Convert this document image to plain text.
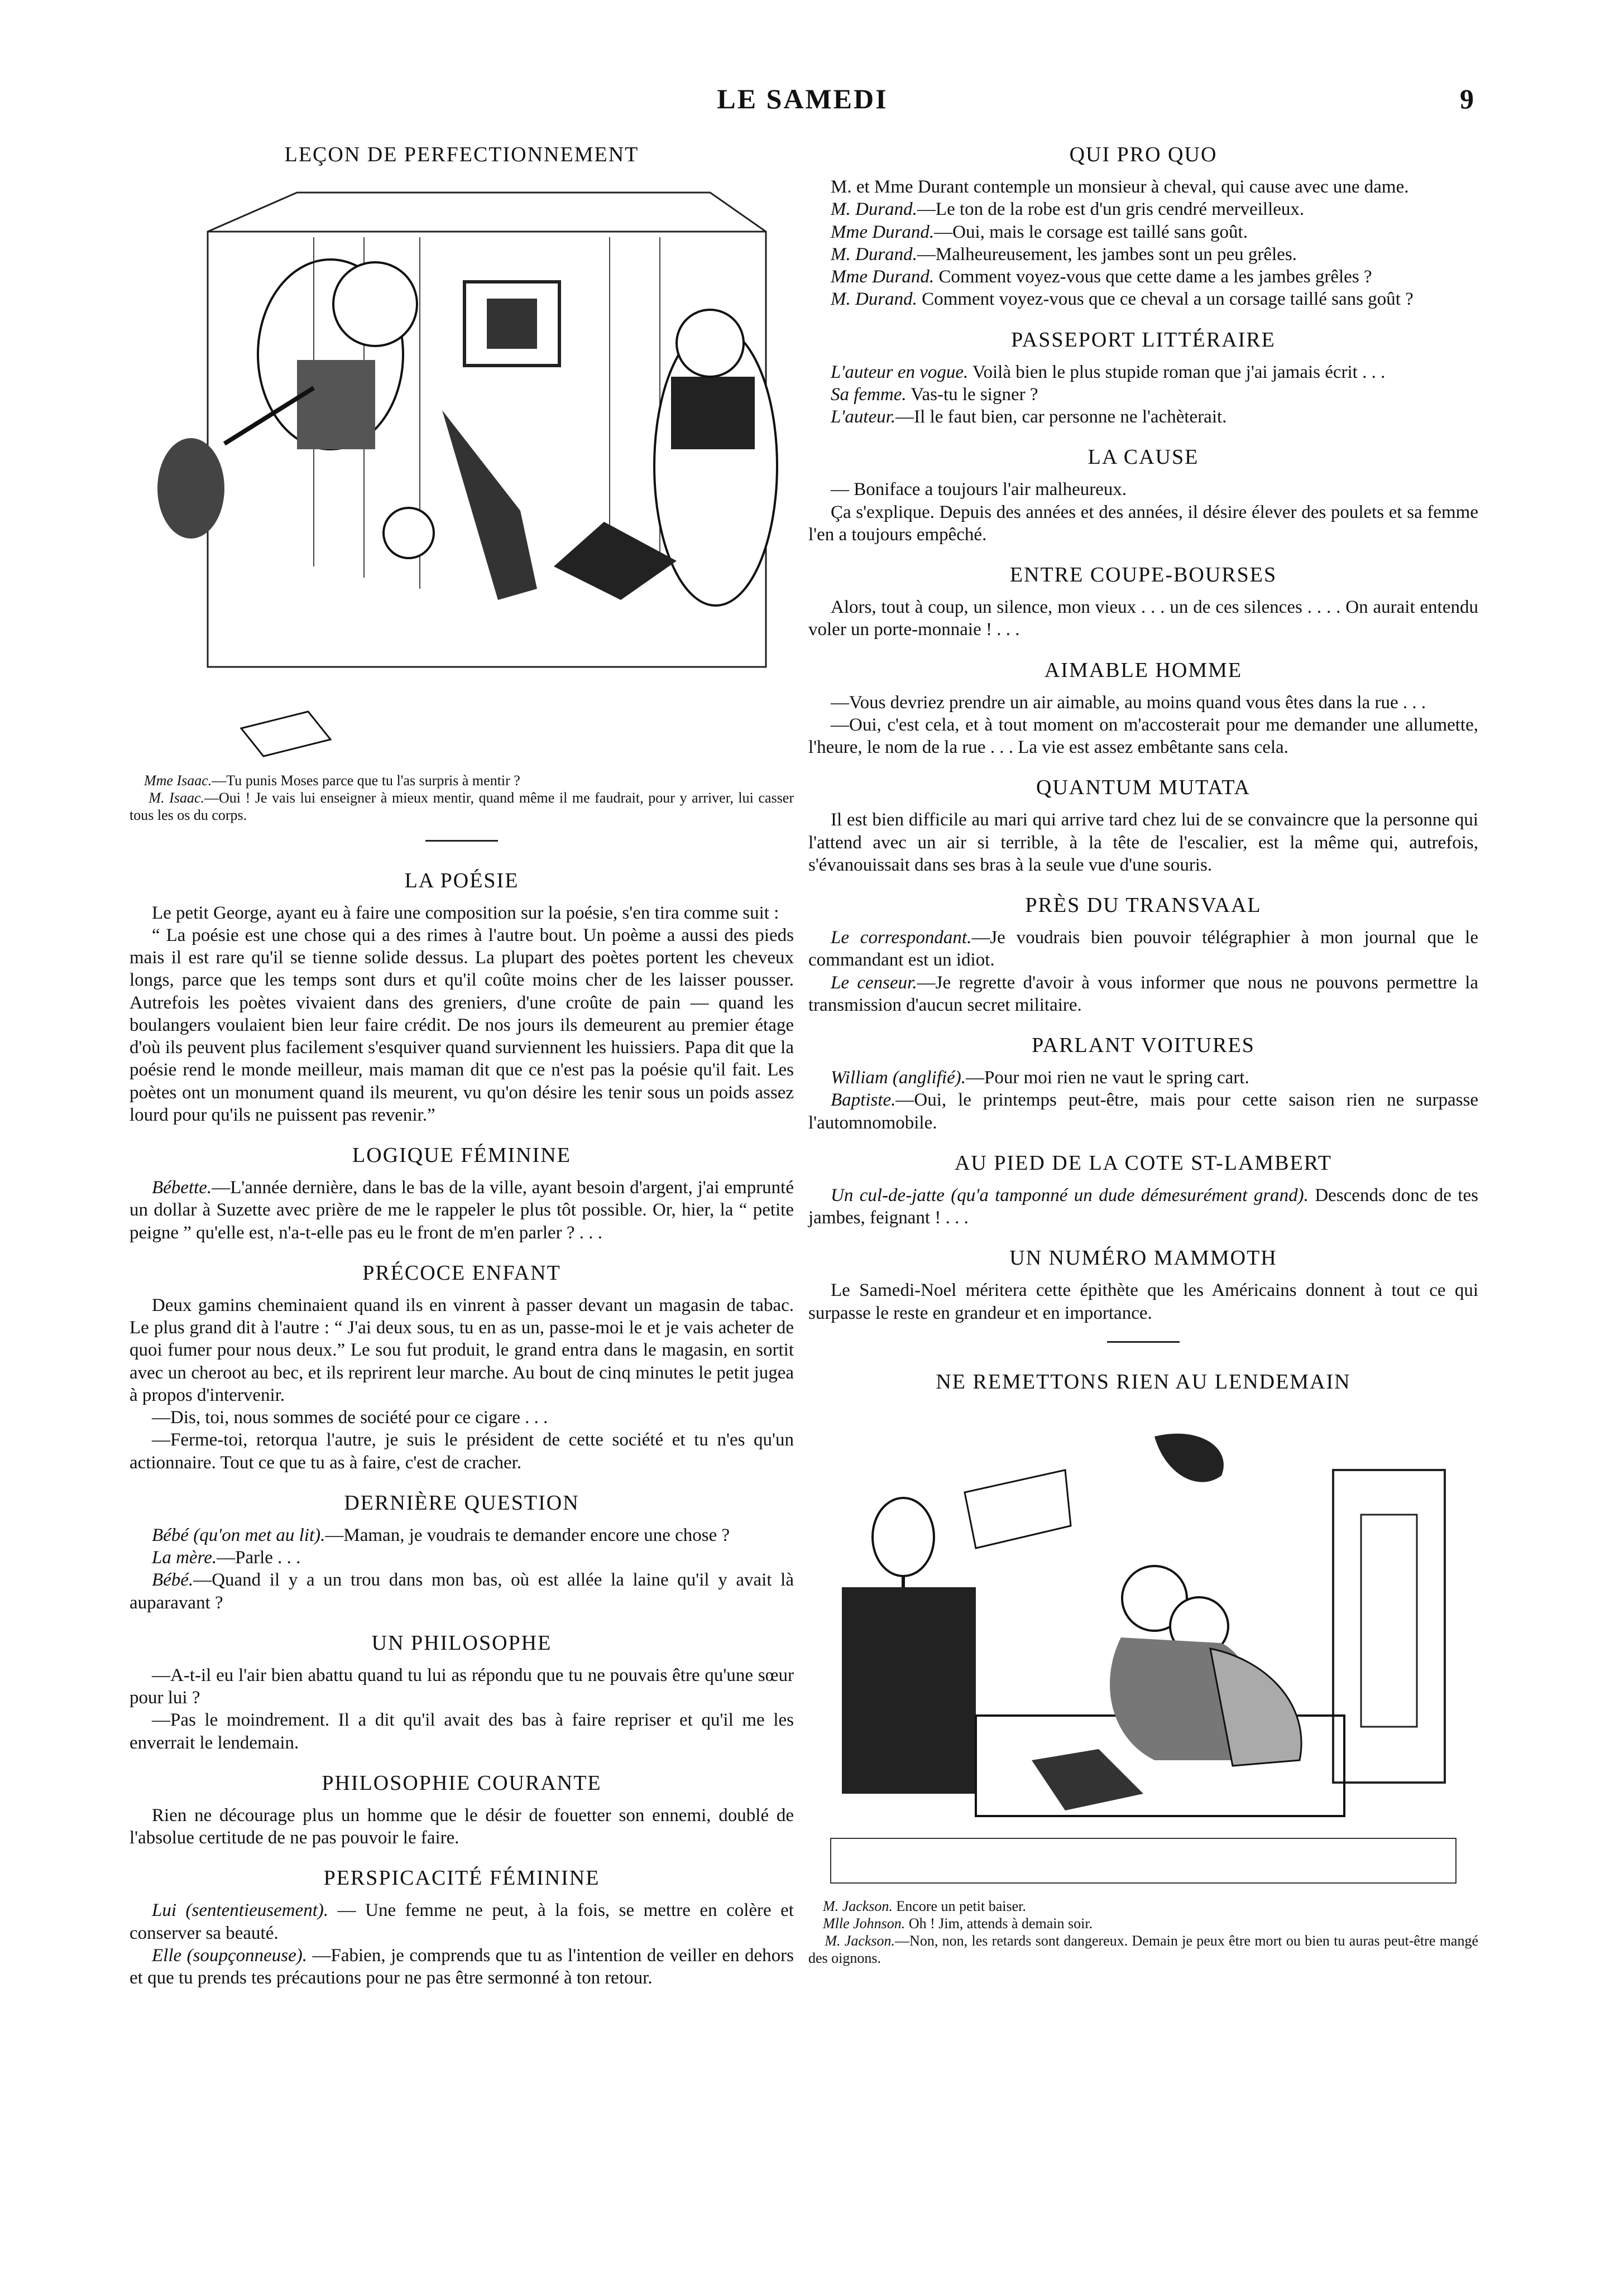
LE SAMEDI	9
LEÇON DE PERFECTIONNEMENT

Mme Isaac.—Tu punis Moses parce que tu l'as surpris à mentir ?
M. Isaac.—Oui ! Je vais lui enseigner à mieux mentir, quand même il me faudrait, pour y arriver, lui casser tous les os du corps.

LA POÉSIE

Le petit George, ayant eu à faire une composition sur la poésie, s'en tira comme suit :

“ La poésie est une chose qui a des rimes à l'autre bout. Un poème a aussi des pieds mais il est rare qu'il se tienne solide dessus. La plupart des poètes portent les cheveux longs, parce que les temps sont durs et qu'il coûte moins cher de les laisser pousser. Autrefois les poètes vivaient dans des greniers, d'une croûte de pain — quand les boulangers voulaient bien leur faire crédit. De nos jours ils demeurent au premier étage d'où ils peuvent plus facilement s'esquiver quand surviennent les huissiers. Papa dit que la poésie rend le monde meilleur, mais maman dit que ce n'est pas la poésie qu'il fait. Les poètes ont un monument quand ils meurent, vu qu'on désire les tenir sous un poids assez lourd pour qu'ils ne puissent pas revenir.”

LOGIQUE FÉMININE

Bébette.—L'année dernière, dans le bas de la ville, ayant besoin d'argent, j'ai emprunté un dollar à Suzette avec prière de me le rappeler le plus tôt possible. Or, hier, la “ petite peigne ” qu'elle est, n'a-t-elle pas eu le front de m'en parler ? . . .

PRÉCOCE ENFANT

Deux gamins cheminaient quand ils en vinrent à passer devant un magasin de tabac. Le plus grand dit à l'autre : “ J'ai deux sous, tu en as un, passe-moi le et je vais acheter de quoi fumer pour nous deux.” Le sou fut produit, le grand entra dans le magasin, en sortit avec un cheroot au bec, et ils reprirent leur marche. Au bout de cinq minutes le petit jugea à propos d'intervenir.

—Dis, toi, nous sommes de société pour ce cigare . . .

—Ferme-toi, retorqua l'autre, je suis le président de cette société et tu n'es qu'un actionnaire. Tout ce que tu as à faire, c'est de cracher.

DERNIÈRE QUESTION

Bébé (qu'on met au lit).—Maman, je voudrais te demander encore une chose ?

La mère.—Parle . . .

Bébé.—Quand il y a un trou dans mon bas, où est allée la laine qu'il y avait là auparavant ?

UN PHILOSOPHE

—A-t-il eu l'air bien abattu quand tu lui as répondu que tu ne pouvais être qu'une sœur pour lui ?

—Pas le moindrement. Il a dit qu'il avait des bas à faire repriser et qu'il me les enverrait le lendemain.

PHILOSOPHIE COURANTE

Rien ne décourage plus un homme que le désir de fouetter son ennemi, doublé de l'absolue certitude de ne pas pouvoir le faire.

PERSPICACITÉ FÉMININE

Lui (sententieusement). — Une femme ne peut, à la fois, se mettre en colère et conserver sa beauté.

Elle (soupçonneuse). —Fabien, je comprends que tu as l'intention de veiller en dehors et que tu prends tes précautions pour ne pas être sermonné à ton retour.

QUI PRO QUO

M. et Mme Durant contemple un monsieur à cheval, qui cause avec une dame.

M. Durand.—Le ton de la robe est d'un gris cendré merveilleux.

Mme Durand.—Oui, mais le corsage est taillé sans goût.

M. Durand.—Malheureusement, les jambes sont un peu grêles.

Mme Durand. Comment voyez-vous que cette dame a les jambes grêles ?

M. Durand. Comment voyez-vous que ce cheval a un corsage taillé sans goût ?

PASSEPORT LITTÉRAIRE

L'auteur en vogue. Voilà bien le plus stupide roman que j'ai jamais écrit . . .

Sa femme. Vas-tu le signer ?

L'auteur.—Il le faut bien, car personne ne l'achèterait.

LA CAUSE

— Boniface a toujours l'air malheureux.

Ça s'explique. Depuis des années et des années, il désire élever des poulets et sa femme l'en a toujours empêché.

ENTRE COUPE-BOURSES

Alors, tout à coup, un silence, mon vieux . . . un de ces silences . . . . On aurait entendu voler un porte-monnaie ! . . .

AIMABLE HOMME

—Vous devriez prendre un air aimable, au moins quand vous êtes dans la rue . . .

—Oui, c'est cela, et à tout moment on m'accosterait pour me demander une allumette, l'heure, le nom de la rue . . . La vie est assez embêtante sans cela.

QUANTUM MUTATA

Il est bien difficile au mari qui arrive tard chez lui de se convaincre que la personne qui l'attend avec un air si terrible, à la tête de l'escalier, est la même qui, autrefois, s'évanouissait dans ses bras à la seule vue d'une souris.

PRÈS DU TRANSVAAL

Le correspondant.—Je voudrais bien pouvoir télégraphier à mon journal que le commandant est un idiot.

Le censeur.—Je regrette d'avoir à vous informer que nous ne pouvons permettre la transmission d'aucun secret militaire.

PARLANT VOITURES

William (anglifié).—Pour moi rien ne vaut le spring cart.

Baptiste.—Oui, le printemps peut-être, mais pour cette saison rien ne surpasse l'automnomobile.

AU PIED DE LA COTE ST-LAMBERT

Un cul-de-jatte (qu'a tamponné un dude démesurément grand). Descends donc de tes jambes, feignant ! . . .

UN NUMÉRO MAMMOTH

Le Samedi-Noel méritera cette épithète que les Américains donnent à tout ce qui surpasse le reste en grandeur et en importance.

NE REMETTONS RIEN AU LENDEMAIN

M. Jackson. Encore un petit baiser.
Mlle Johnson. Oh ! Jim, attends à demain soir.
M. Jackson.—Non, non, les retards sont dangereux. Demain je peux être mort ou bien tu auras peut-être mangé des oignons.
